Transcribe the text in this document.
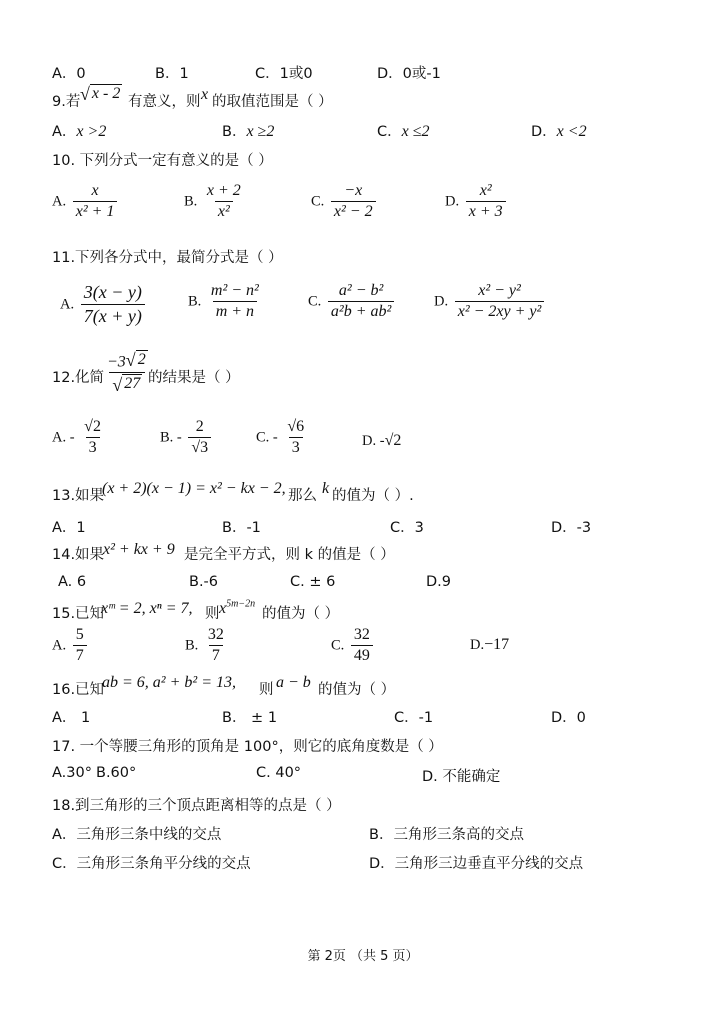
A．0	B．1	C．1或0	D．0或-1
9.若 √ x - 2 有意义，则 x 的取值范围是（ ）
A．x >2	B．x ≥2	C．x ≤2	D．x <2
10. 下列分式一定有意义的是（ ）
A. $\frac{x}{\text{x² + 1}}$	B. $\frac{x + 2}{\text{x²}}$	C. $\frac{-x}{\text{x² − 2}}$	D. $\frac{\text{x²}}{x + 3}$
11.下列各分式中，最简分式是（ ）
A. $\frac{3(x - y)}{7(x + y)}$	B. $\frac{\text{m² − n²}}{m + n}$	C. $\frac{\text{a² − b²}}{\text{a²b + ab²}}$	D. $\frac{\text{x² − y²}}{\text{x² − 2xy + y²}}$
12.化简 $\frac{-3 √ 2}{√ 27}$
的结果是（ ）
A. - $\frac{√2}{3}$	B. - $\frac{2}{√3}$	C. - $\frac{√6}{3}$	D. -√2
13.如果
(x + 2)(x − 1) = x² − kx − 2, 那么 k 的值为（ ）.
A．1	B．-1	C．3	D．-3
14.如果
x² + kx + 9 是完全平方式，则 k 的值是（ ）
A. 6	B.-6	C. ± 6	D.9
15.已知
xᵐ = 2, xⁿ = 7, 则 $x^{5m-2n}$
的值为（ ）
A. $\frac{5}{7}$	B. $\frac{32}{7}$	C. $\frac{32}{49}$	D.−17
16.已知
ab = 6, a² + b² = 13, 则 a − b 的值为（ ）
A． 1	B． ± 1	C．-1	D．0
17. 一个等腰三角形的顶角是 100°，则它的底角度数是（ ）
A.30° B.60°	C. 40°	D. 不能确定
18.到三角形的三个顶点距离相等的点是（ ）
A．三角形三条中线的交点	B．三角形三条高的交点
C．三角形三条角平分线的交点	D．三角形三边垂直平分线的交点
第 2页 （共 5 页）
